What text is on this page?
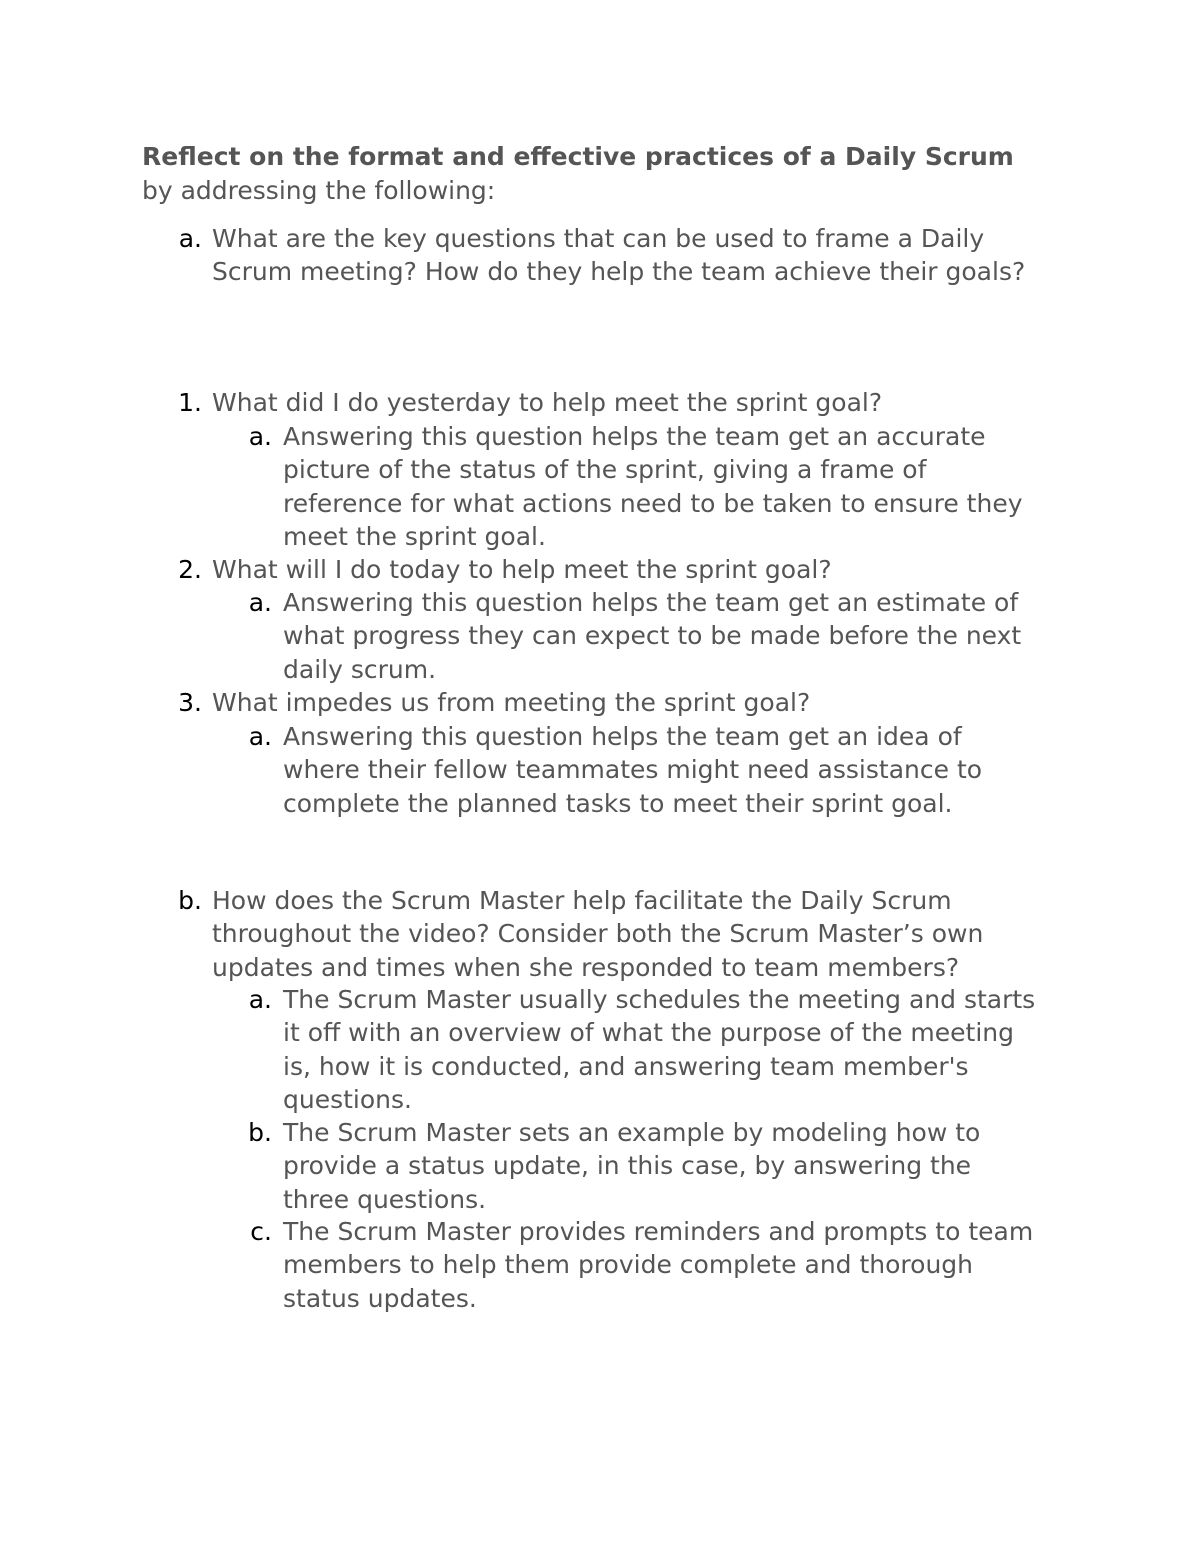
Reflect on the format and effective practices of a Daily Scrum by addressing the following:

a. What are the key questions that can be used to frame a Daily Scrum meeting? How do they help the team achieve their goals?

1. What did I do yesterday to help meet the sprint goal?
a. Answering this question helps the team get an accurate picture of the status of the sprint, giving a frame of reference for what actions need to be taken to ensure they meet the sprint goal.

2. What will I do today to help meet the sprint goal?
a. Answering this question helps the team get an estimate of what progress they can expect to be made before the next daily scrum.

3. What impedes us from meeting the sprint goal?
a. Answering this question helps the team get an idea of where their fellow teammates might need assistance to complete the planned tasks to meet their sprint goal.

b. How does the Scrum Master help facilitate the Daily Scrum throughout the video? Consider both the Scrum Master’s own updates and times when she responded to team members?

a. The Scrum Master usually schedules the meeting and starts it off with an overview of what the purpose of the meeting is, how it is conducted, and answering team member's questions.

b. The Scrum Master sets an example by modeling how to provide a status update, in this case, by answering the three questions.

c. The Scrum Master provides reminders and prompts to team members to help them provide complete and thorough status updates.
